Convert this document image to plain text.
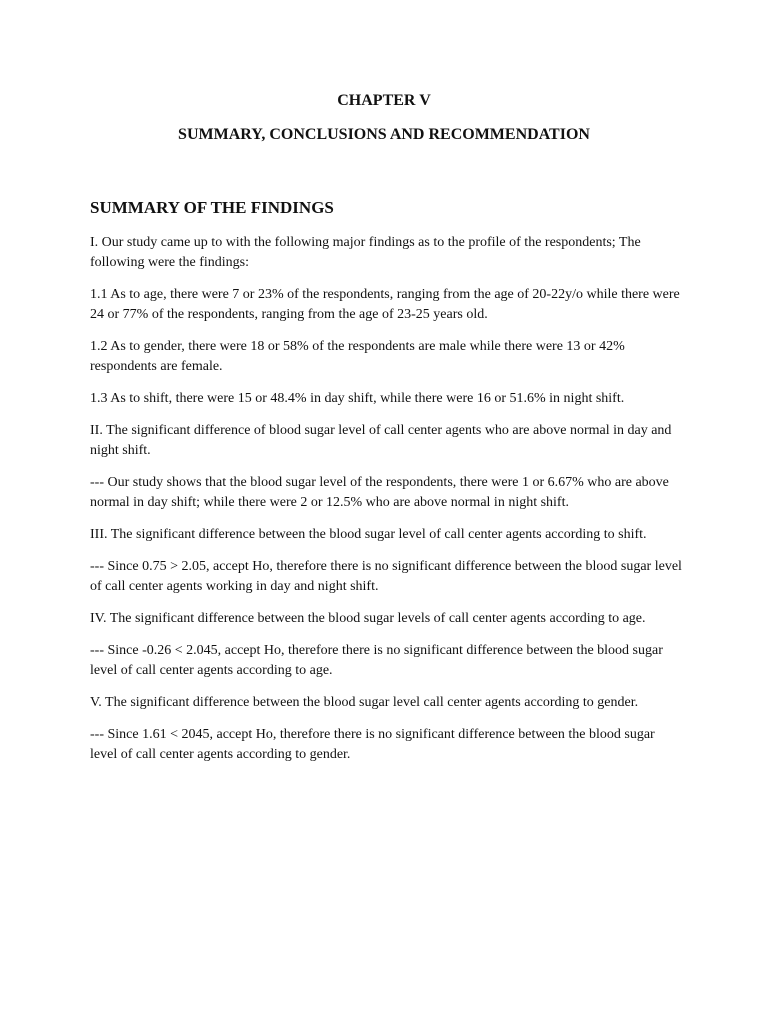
CHAPTER V
SUMMARY, CONCLUSIONS AND RECOMMENDATION
SUMMARY OF THE FINDINGS

I. Our study came up to with the following major findings as to the profile of the respondents; The following were the findings:

1.1 As to age, there were 7 or 23% of the respondents, ranging from the age of 20-22y/o while there were 24 or 77% of the respondents, ranging from the age of 23-25 years old.

1.2 As to gender, there were 18 or 58% of the respondents are male while there were 13 or 42% respondents are female.

1.3 As to shift, there were 15 or 48.4% in day shift, while there were 16 or 51.6% in night shift.

II. The significant difference of blood sugar level of call center agents who are above normal in day and night shift.

--- Our study shows that the blood sugar level of the respondents, there were 1 or 6.67% who are above normal in day shift; while there were 2 or 12.5% who are above normal in night shift.

III. The significant difference between the blood sugar level of call center agents according to shift.

--- Since 0.75 > 2.05, accept Ho, therefore there is no significant difference between the blood sugar level of call center agents working in day and night shift.

IV. The significant difference between the blood sugar levels of call center agents according to age.

--- Since -0.26 < 2.045, accept Ho, therefore there is no significant difference between the blood sugar level of call center agents according to age.

V. The significant difference between the blood sugar level call center agents according to gender.

--- Since 1.61 < 2045, accept Ho, therefore there is no significant difference between the blood sugar level of call center agents according to gender.
